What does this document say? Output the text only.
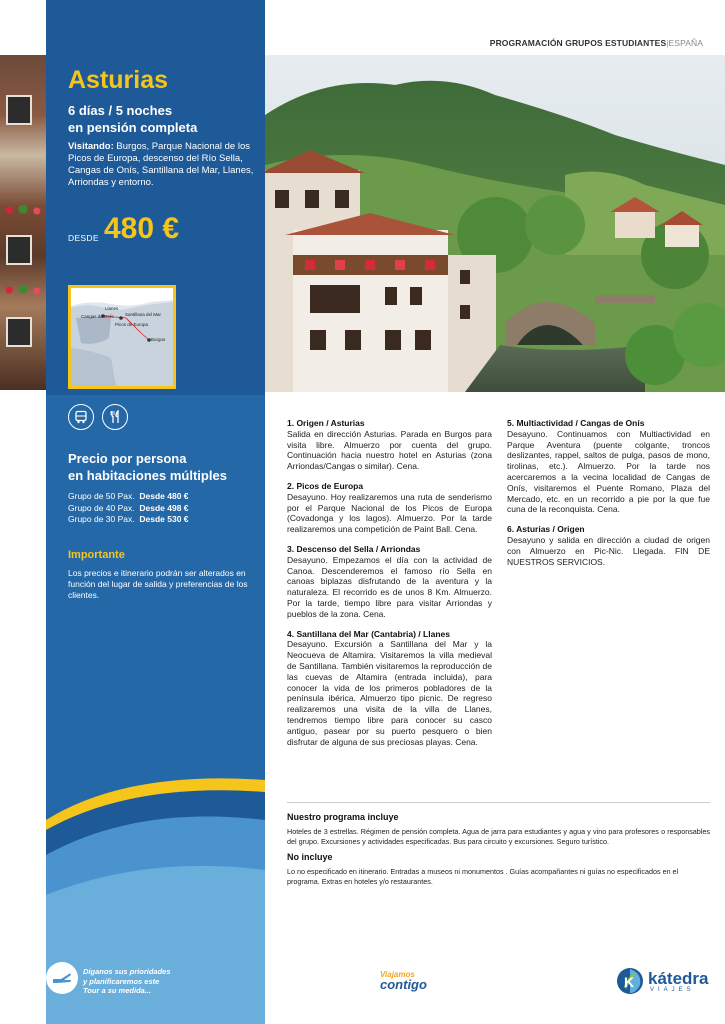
PROGRAMACIÓN GRUPOS ESTUDIANTES|ESPAÑA
Asturias
6 días / 5 noches
en pensión completa
Visitando: Burgos, Parque Nacional de los Picos de Europa, descenso del Río Sella, Cangas de Onís, Santillana del Mar, Llanes, Arriondas y entorno.
DESDE 480 €
Llanes
Cangas de Onís	Santillana del Mar
Picos de Europa
Burgos
Precio por persona
en habitaciones múltiples
Grupo de 50 Pax. Desde 480 €
Grupo de 40 Pax. Desde 498 €
Grupo de 30 Pax. Desde 530 €
Importante
Los precios e itinerario podrán ser alterados en función del lugar de salida y preferencias de los clientes.
Díganos sus prioridades
y planificaremos este
Tour a su medida...
1. Origen / Asturias

Salida en dirección Asturias. Parada en Burgos para visita libre. Almuerzo por cuenta del grupo. Continuación hacia nuestro hotel en Asturias (zona Arriondas/Cangas o similar). Cena.

2. Picos de Europa

Desayuno. Hoy realizaremos una ruta de senderismo por el Parque Nacional de los Picos de Europa (Covadonga y los lagos). Almuerzo. Por la tarde realizaremos una competición de Paint Ball. Cena.

3. Descenso del Sella / Arriondas

Desayuno. Empezamos el día con la actividad de Canoa. Descenderemos el famoso río Sella en canoas biplazas disfrutando de la aventura y la naturaleza. El recorrido es de unos 8 Km. Almuerzo. Por la tarde, tiempo libre para visitar Arriondas y pueblos de la zona. Cena.

4. Santillana del Mar (Cantabria) / Llanes

Desayuno. Excursión a Santillana del Mar y la Neocueva de Altamira. Visitaremos la villa medieval de Santillana. También visitaremos la reproducción de las cuevas de Altamira (entrada incluida), para conocer la vida de los primeros pobladores de la península ibérica. Almuerzo tipo picnic. De regreso realizaremos una visita de la villa de Llanes, tendremos tiempo libre para conocer su casco antiguo, pasear por su puerto pesquero o bien disfrutar de alguna de sus preciosas playas. Cena.

5. Multiactividad / Cangas de Onís

Desayuno. Continuamos con Multiactividad en Parque Aventura (puente colgante, troncos deslizantes, rappel, saltos de pulga, pasos de mono, tirolinas, etc.). Almuerzo. Por la tarde nos acercaremos a la vecina localidad de Cangas de Onís, visitaremos el Puente Romano, Plaza del Mercado, etc. en un recorrido a pie por la que fue cuna de la reconquista. Cena.

6. Asturias / Origen

Desayuno y salida en dirección a ciudad de origen con Almuerzo en Pic-Nic. Llegada. FIN DE NUESTROS SERVICIOS.

Nuestro programa incluye
Hoteles de 3 estrellas. Régimen de pensión completa. Agua de jarra para estudiantes y agua y vino para profesores o responsables del grupo. Excursiones y actividades especificadas. Bus para circuito y excursiones. Seguro turístico.
No incluye
Lo no especificado en itinerario. Entradas a museos ni monumentos . Guías acompañantes ni guías no especificados en el programa. Extras en hoteles y/o restaurantes.
Viajamos
contigo	K kátedra
VIAJES
